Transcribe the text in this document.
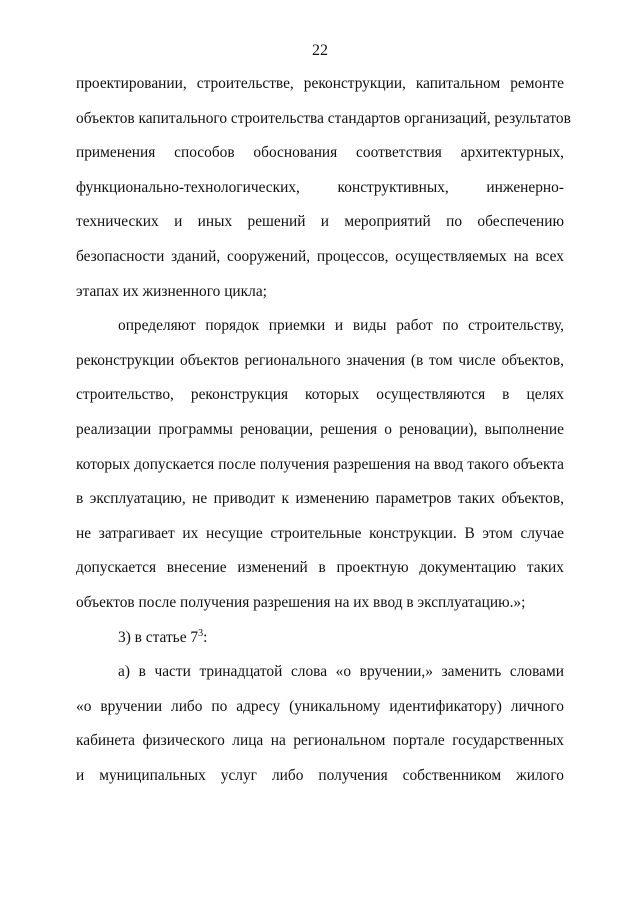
22
проектировании, строительстве, реконструкции, капитальном ремонте
объектов капитального строительства стандартов организаций, результатов
применения способов обоснования соответствия архитектурных,
функционально-технологических, конструктивных, инженерно-
технических и иных решений и мероприятий по обеспечению
безопасности зданий, сооружений, процессов, осуществляемых на всех
этапах их жизненного цикла;
определяют порядок приемки и виды работ по строительству,
реконструкции объектов регионального значения (в том числе объектов,
строительство, реконструкция которых осуществляются в целях
реализации программы реновации, решения о реновации), выполнение
которых допускается после получения разрешения на ввод такого объекта
в эксплуатацию, не приводит к изменению параметров таких объектов,
не затрагивает их несущие строительные конструкции. В этом случае
допускается внесение изменений в проектную документацию таких
объектов после получения разрешения на их ввод в эксплуатацию.»;
3) в статье $7^3$:
а) в части тринадцатой слова «о вручении,» заменить словами
«о вручении либо по адресу (уникальному идентификатору) личного
кабинета физического лица на региональном портале государственных
и муниципальных услуг либо получения собственником жилого
